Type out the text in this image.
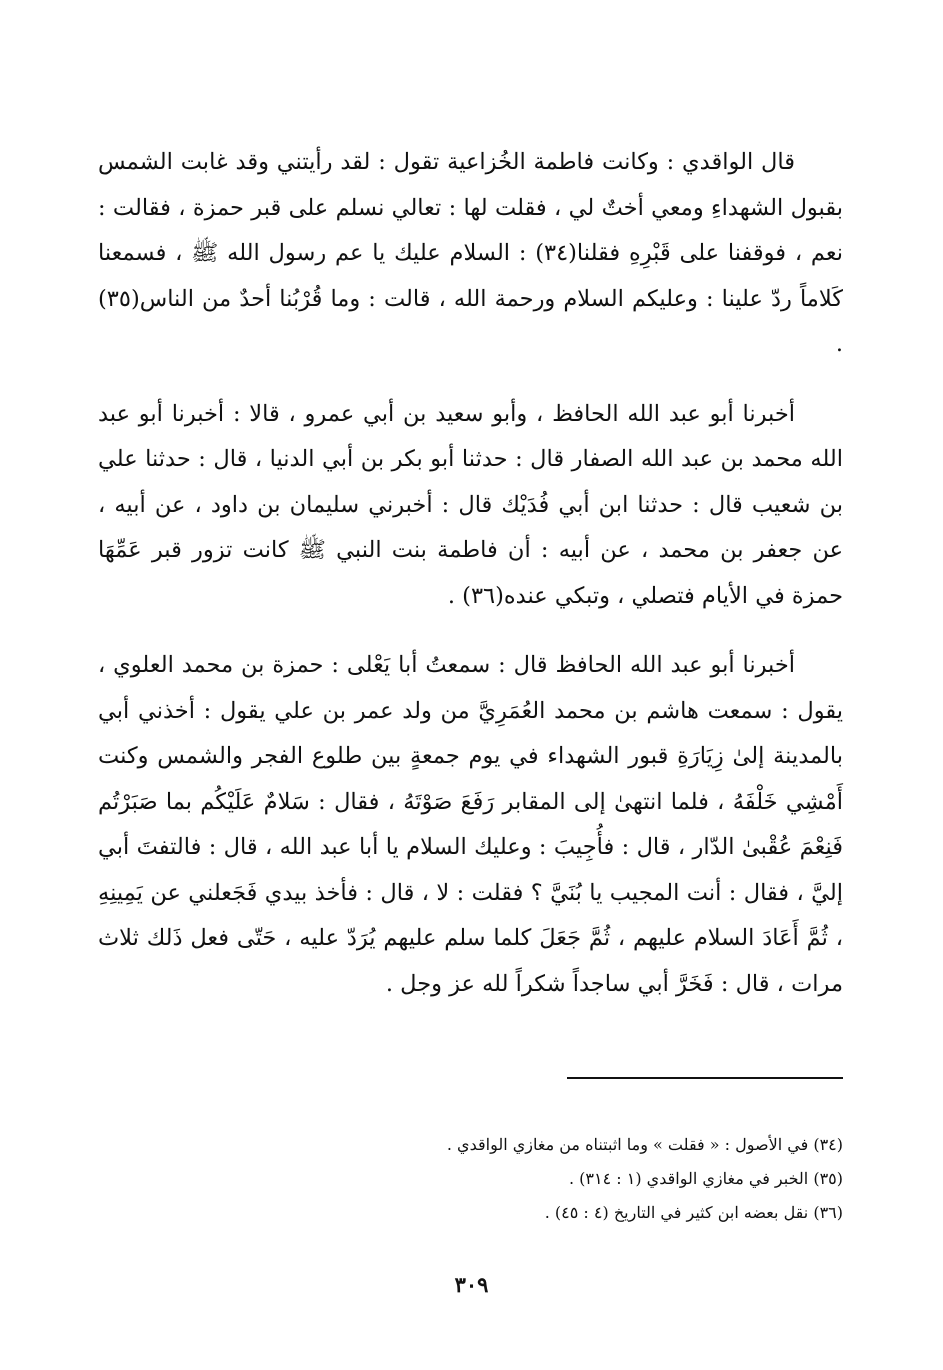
قال الواقدي : وكانت فاطمة الخُزاعية تقول : لقد رأيتني وقد غابت الشمس بقبول الشهداءِ ومعي أختٌ لي ، فقلت لها : تعالي نسلم على قبر حمزة ، فقالت : نعم ، فوقفنا على قَبْرِهِ فقلنا(٣٤) : السلام عليك يا عم رسول الله ﷺ ، فسمعنا كَلاماً ردّ علينا : وعليكم السلام ورحمة الله ، قالت : وما قُرْبُنا أحدٌ من الناس(٣٥) .

أخبرنا أبو عبد الله الحافظ ، وأبو سعيد بن أبي عمرو ، قالا : أخبرنا أبو عبد الله محمد بن عبد الله الصفار قال : حدثنا أبو بكر بن أبي الدنيا ، قال : حدثنا علي بن شعيب قال : حدثنا ابن أبي فُدَيْك قال : أخبرني سليمان بن داود ، عن أبيه ، عن جعفر بن محمد ، عن أبيه : أن فاطمة بنت النبي ﷺ كانت تزور قبر عَمِّهَا حمزة في الأيام فتصلي ، وتبكي عنده(٣٦) .

أخبرنا أبو عبد الله الحافظ قال : سمعتُ أبا يَعْلى : حمزة بن محمد العلوي ، يقول : سمعت هاشم بن محمد العُمَرِيَّ من ولد عمر بن علي يقول : أخذني أبي بالمدينة إلىٰ زِيَارَةِ قبور الشهداء في يوم جمعةٍ بين طلوع الفجر والشمس وكنت أَمْشِي خَلْفَهُ ، فلما انتهىٰ إلى المقابر رَفَعَ صَوْتَهُ ، فقال : سَلامٌ عَلَيْكُم بما صَبَرْتُم فَنِعْمَ عُقْبىٰ الدّار ، قال : فأُجِيبَ : وعليك السلام يا أبا عبد الله ، قال : فالتفتَ أبي إليَّ ، فقال : أنت المجيب يا بُنَيَّ ؟ فقلت : لا ، قال : فأخذ بيدي فَجَعلني عن يَمِينِهِ ، ثُمَّ أَعَادَ السلام عليهم ، ثُمَّ جَعَلَ كلما سلم عليهم يُرَدّ عليه ، حَتّى فعل ذَلك ثلاث مرات ، قال : فَخَرَّ أبي ساجداً شكراً لله عز وجل .

(٣٤) في الأصول : « فقلت » وما اثبتناه من مغازي الواقدي .

(٣٥) الخبر في مغازي الواقدي (١ : ٣١٤) .

(٣٦) نقل بعضه ابن كثير في التاريخ (٤ : ٤٥) .

٣٠٩
